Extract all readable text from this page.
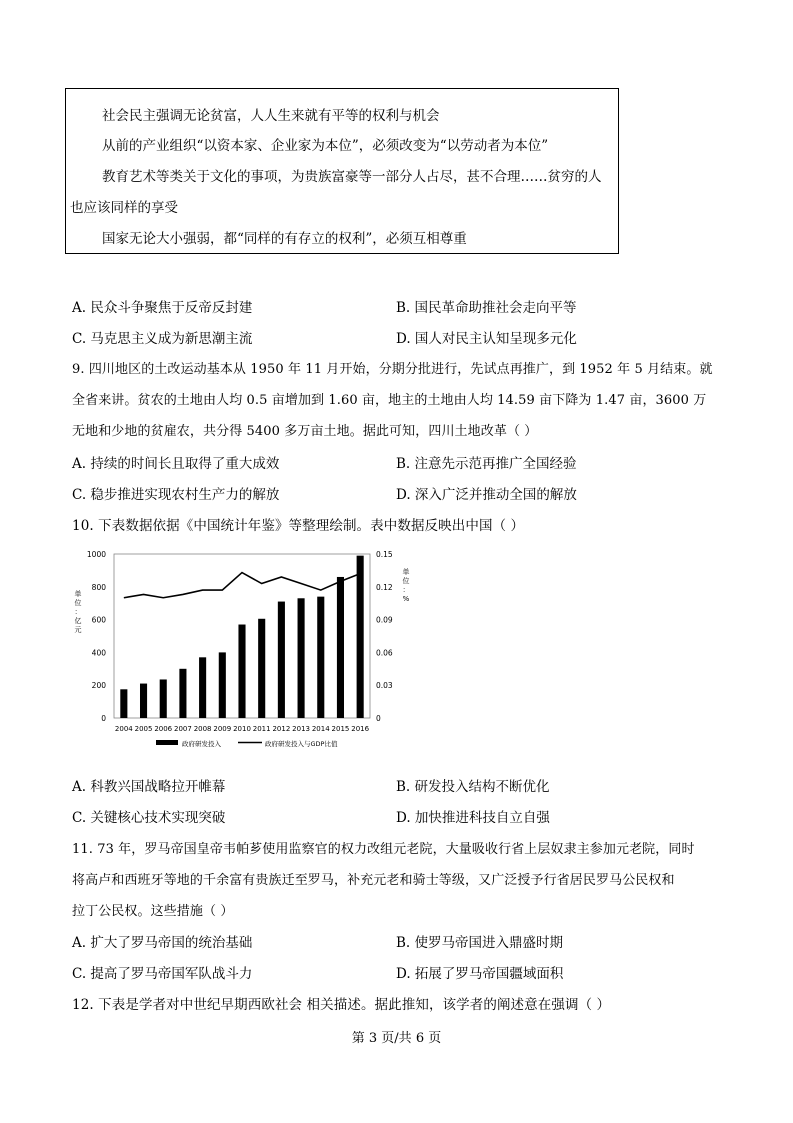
社会民主强调无论贫富，人人生来就有平等的权利与机会
从前的产业组织“以资本家、企业家为本位”，必须改变为“以劳动者为本位”
教育艺术等类关于文化的事项，为贵族富豪等一部分人占尽，甚不合理……贫穷的人
也应该同样的享受
国家无论大小强弱，都“同样的有存立的权利”，必须互相尊重
A. 民众斗争聚焦于反帝反封建	B. 国民革命助推社会走向平等
C. 马克思主义成为新思潮主流	D. 国人对民主认知呈现多元化
9. 四川地区的土改运动基本从 1950 年 11 月开始，分期分批进行，先试点再推广，到 1952 年 5 月结束。就
全省来讲。贫农的土地由人均 0.5 亩增加到 1.60 亩，地主的土地由人均 14.59 亩下降为 1.47 亩，3600 万
无地和少地的贫雇农，共分得 5400 多万亩土地。据此可知，四川土地改革（ ）
A. 持续的时间长且取得了重大成效	B. 注意先示范再推广全国经验
C. 稳步推进实现农村生产力的解放	D. 深入广泛并推动全国的解放
10. 下表数据依据《中国统计年鉴》等整理绘制。表中数据反映出中国（ ）
0
200
400
600
800
1000
0
0.03
0.06
0.09
0.12
0.15
单
位
：
亿
元
单
位
：
%
2004 2005 2006 2007 2008 2009 2010 2011 2012 2013 2014 2015 2016
政府研发投入	政府研发投入与GDP比值
A. 科教兴国战略拉开帷幕	B. 研发投入结构不断优化
C. 关键核心技术实现突破	D. 加快推进科技自立自强
11. 73 年，罗马帝国皇帝韦帕芗使用监察官的权力改组元老院，大量吸收行省上层奴隶主参加元老院，同时
将高卢和西班牙等地的千余富有贵族迁至罗马，补充元老和骑士等级，又广泛授予行省居民罗马公民权和
拉丁公民权。这些措施（ ）
A. 扩大了罗马帝国的统治基础	B. 使罗马帝国进入鼎盛时期
C. 提高了罗马帝国军队战斗力	D. 拓展了罗马帝国疆域面积
12. 下表是学者对中世纪早期西欧社会 相关描述。据此推知，该学者的阐述意在强调（ ）
第 3 页/共 6 页
